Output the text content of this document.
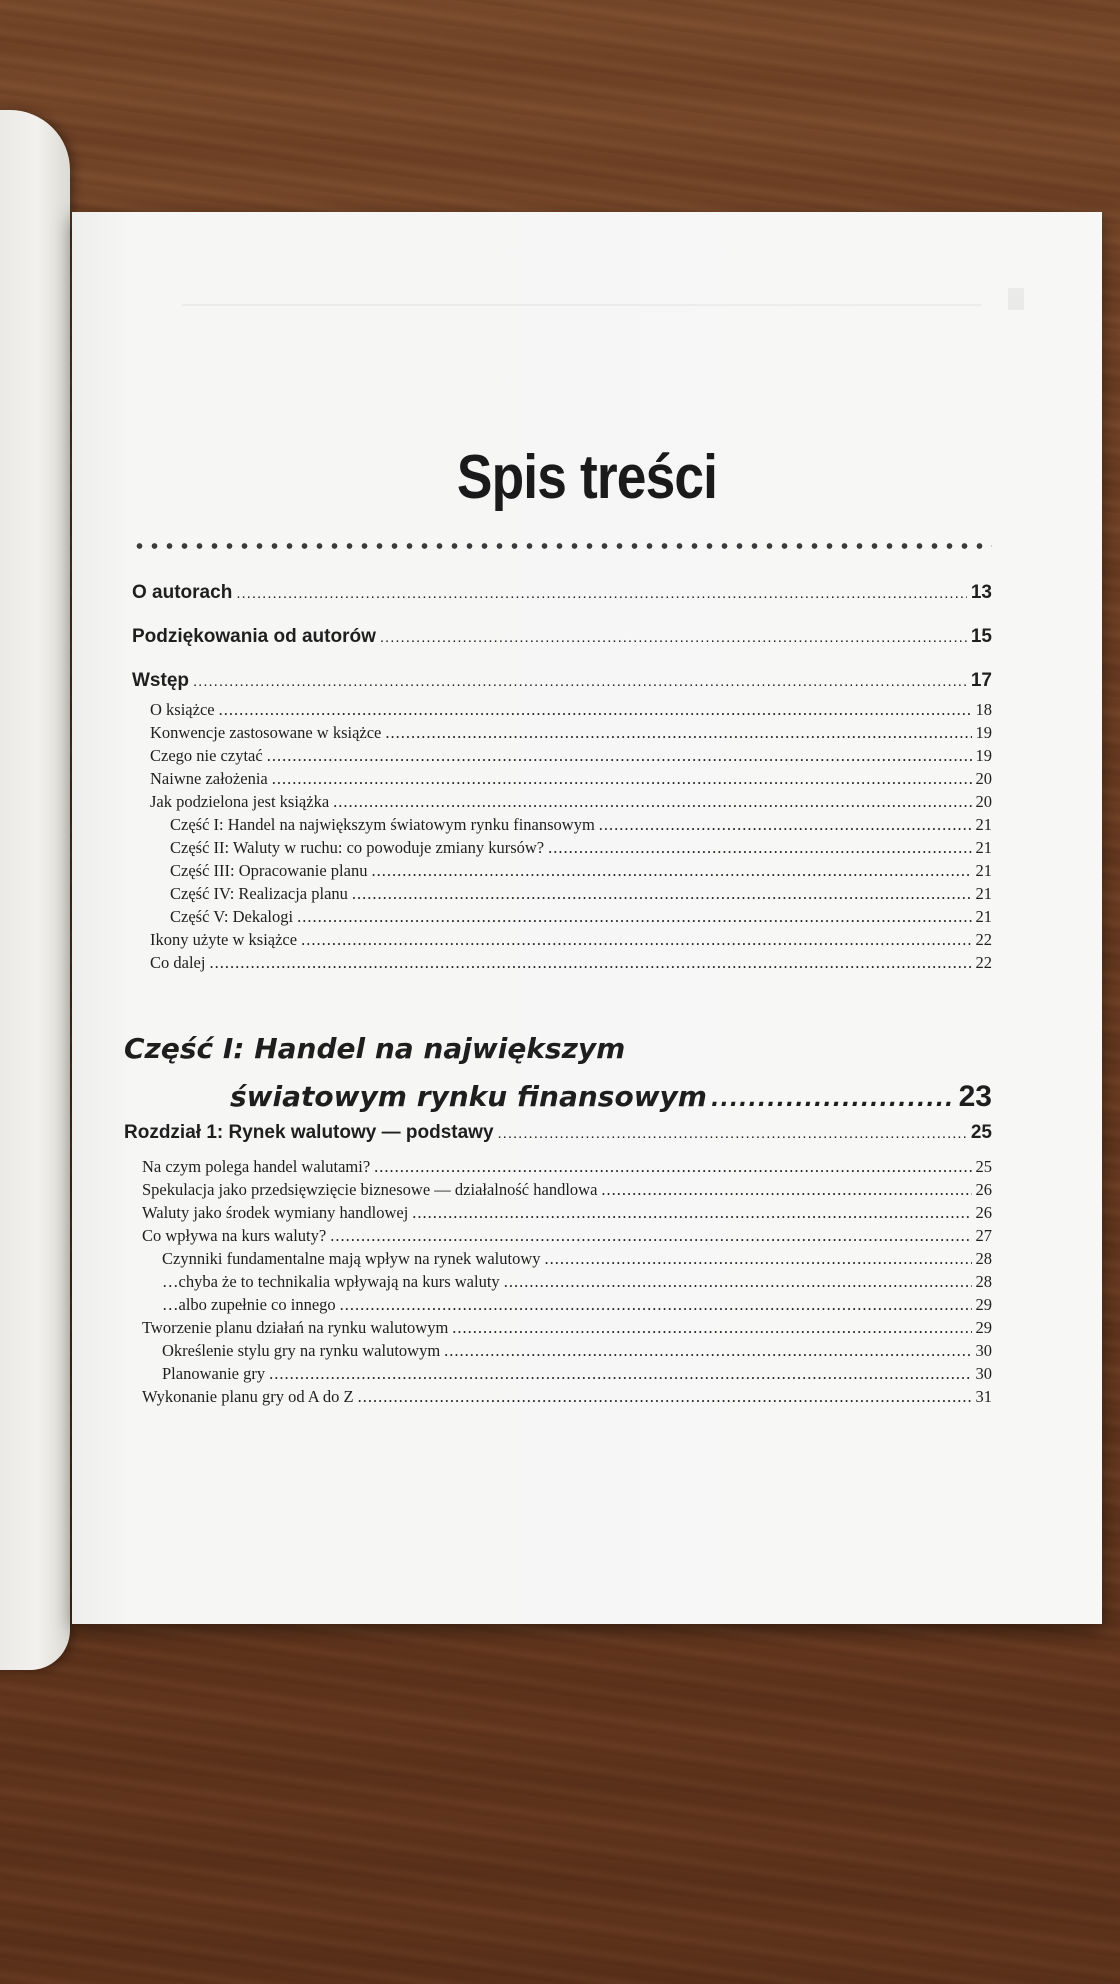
Spis treści
O autorach .....	13
Podziękowania od autorów .....	15
Wstęp .....	17
O książce .....	18
Konwencje zastosowane w książce .....	19
Czego nie czytać .....	19
Naiwne założenia .....	20
Jak podzielona jest książka .....	20
Część I: Handel na największym światowym rynku finansowym .....	21
Część II: Waluty w ruchu: co powoduje zmiany kursów? .....	21
Część III: Opracowanie planu .....	21
Część IV: Realizacja planu .....	21
Część V: Dekalogi .....	21
Ikony użyte w książce .....	22
Co dalej .....	22
Część I: Handel na największym
światowym rynku finansowym .....	23
Rozdział 1: Rynek walutowy — podstawy .....	25
Na czym polega handel walutami? .....	25
Spekulacja jako przedsięwzięcie biznesowe — działalność handlowa .....	26
Waluty jako środek wymiany handlowej .....	26
Co wpływa na kurs waluty? .....	27
Czynniki fundamentalne mają wpływ na rynek walutowy .....	28
…chyba że to technikalia wpływają na kurs waluty .....	28
…albo zupełnie co innego .....	29
Tworzenie planu działań na rynku walutowym .....	29
Określenie stylu gry na rynku walutowym .....	30
Planowanie gry .....	30
Wykonanie planu gry od A do Z .....	31
